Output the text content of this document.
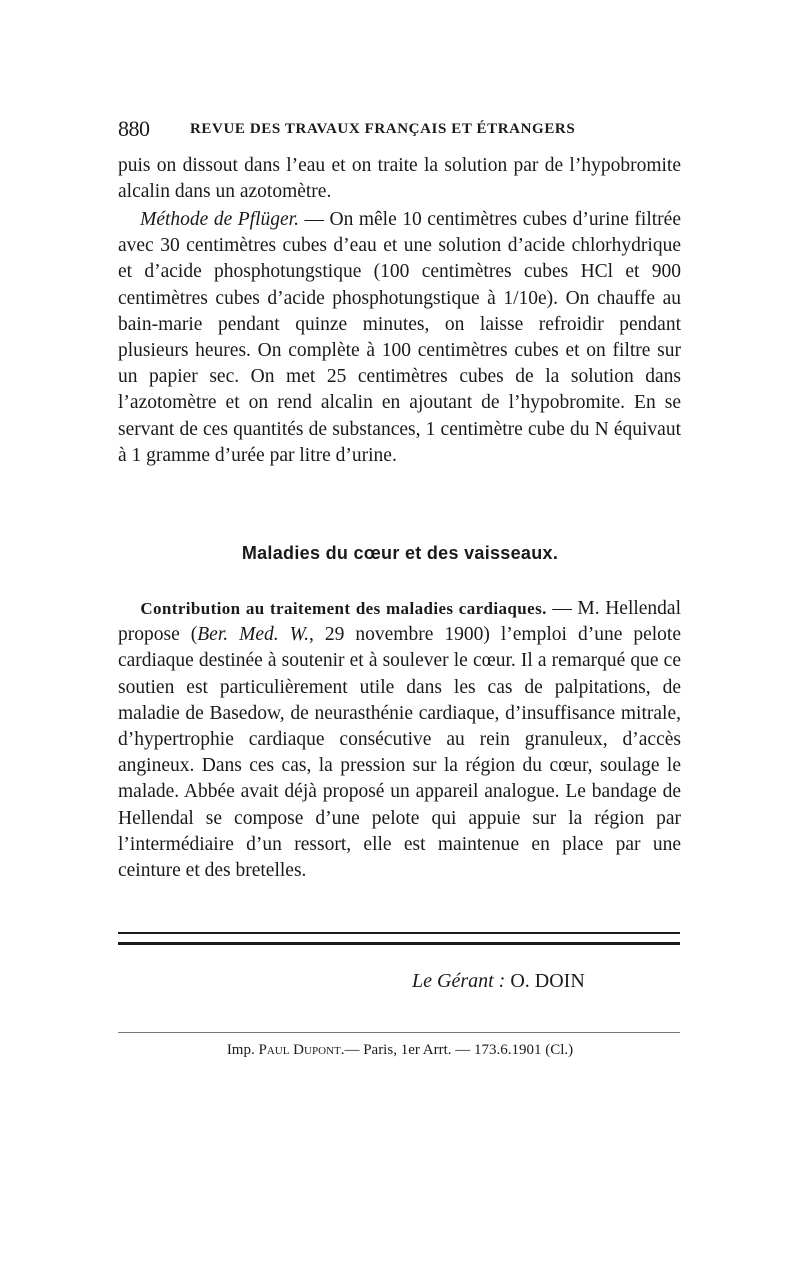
880	REVUE DES TRAVAUX FRANÇAIS ET ÉTRANGERS

puis on dissout dans l’eau et on traite la solution par de l’hypobromite alcalin dans un azotomètre.

Méthode de Pflüger. — On mêle 10 centimètres cubes d’urine filtrée avec 30 centimètres cubes d’eau et une solution d’acide chlorhydrique et d’acide phosphotungstique (100 centimètres cubes HCl et 900 centimètres cubes d’acide phosphotungstique à 1/10e). On chauffe au bain-marie pendant quinze minutes, on laisse refroidir pendant plusieurs heures. On complète à 100 centimètres cubes et on filtre sur un papier sec. On met 25 centimètres cubes de la solution dans l’azotomètre et on rend alcalin en ajoutant de l’hypobromite. En se servant de ces quantités de substances, 1 centimètre cube du N équivaut à 1 gramme d’urée par litre d’urine.

Maladies du cœur et des vaisseaux.

Contribution au traitement des maladies cardiaques. — M. Hellendal propose (Ber. Med. W., 29 novembre 1900) l’emploi d’une pelote cardiaque destinée à soutenir et à soulever le cœur. Il a remarqué que ce soutien est particulièrement utile dans les cas de palpitations, de maladie de Basedow, de neurasthénie cardiaque, d’insuffisance mitrale, d’hypertrophie cardiaque consécutive au rein granuleux, d’accès angineux. Dans ces cas, la pression sur la région du cœur, soulage le malade. Abbée avait déjà proposé un appareil analogue. Le bandage de Hellendal se compose d’une pelote qui appuie sur la région par l’intermédiaire d’un ressort, elle est maintenue en place par une ceinture et des bretelles.

Le Gérant : O. DOIN
Imp. Paul Dupont.— Paris, 1er Arrt. — 173.6.1901 (Cl.)
